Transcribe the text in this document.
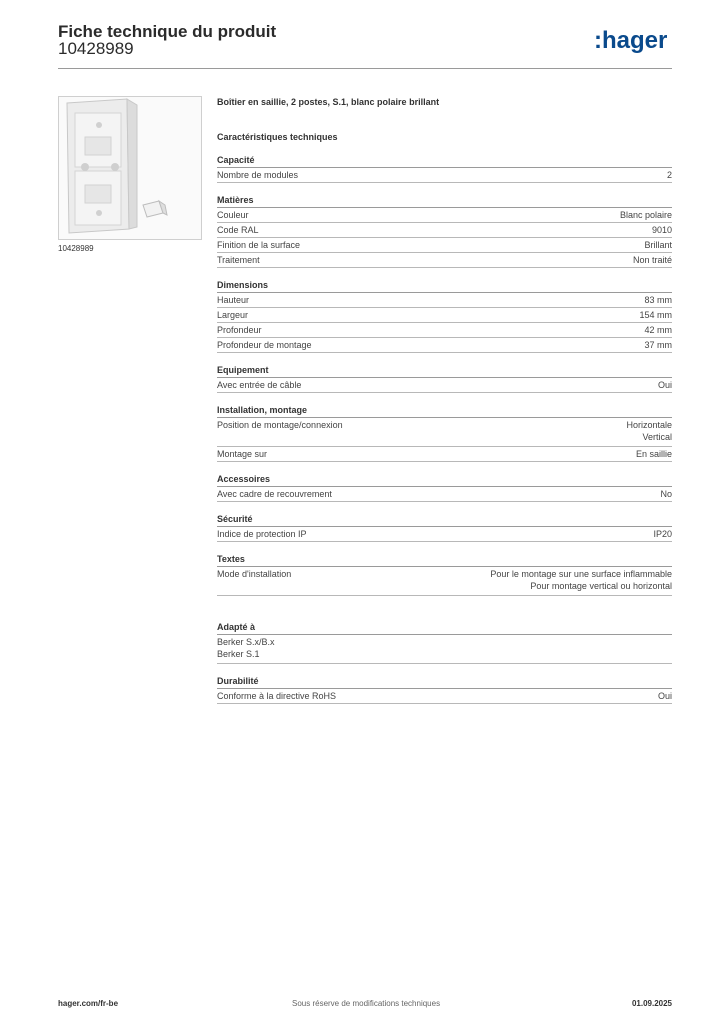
Fiche technique du produit
10428989	:hager
10428989
Boîtier en saillie, 2 postes, S.1, blanc polaire brillant
Caractéristiques techniques
Capacité
Nombre de modules	2
Matières
Couleur	Blanc polaire
Code RAL	9010
Finition de la surface	Brillant
Traitement	Non traité
Dimensions
Hauteur	83 mm
Largeur	154 mm
Profondeur	42 mm
Profondeur de montage	37 mm
Equipement
Avec entrée de câble	Oui
Installation, montage
Position de montage/connexion	Horizontale
Vertical
Montage sur	En saillie
Accessoires
Avec cadre de recouvrement	No
Sécurité
Indice de protection IP	IP20
Textes
Mode d'installation	Pour le montage sur une surface inflammable
Pour montage vertical ou horizontal
Adapté à
Berker S.x/B.x
Berker S.1
Durabilité
Conforme à la directive RoHS	Oui
hager.com/fr-be	Sous réserve de modifications techniques	01.09.2025
